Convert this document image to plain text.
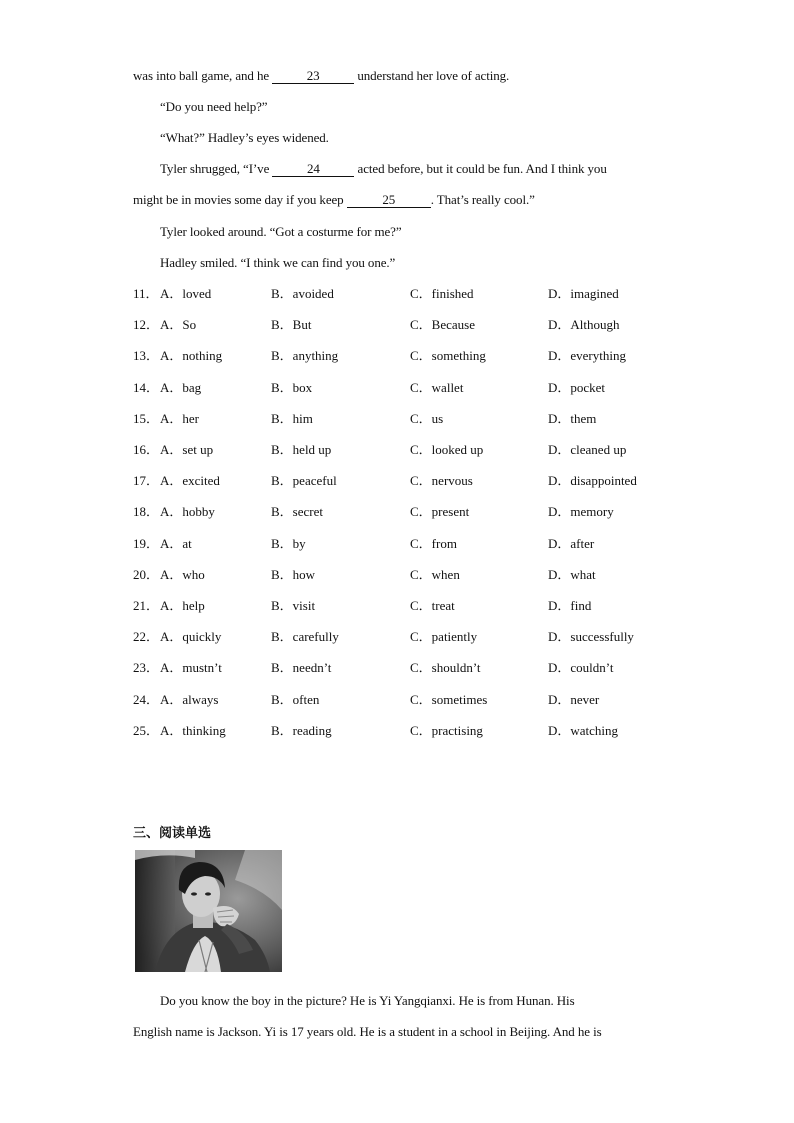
was into ball game, and he	23	understand her love of acting.
“Do you need help?”
“What?” Hadley’s eyes widened.
Tyler shrugged, “I’ve	24	acted before, but it could be fun. And I think you
might be in movies some day if you keep	25	. That’s really cool.”
Tyler looked around. “Got a costurme for me?”
Hadley smiled. “I think we can find you one.”
11． A．loved	B．avoided	C．finished	D．imagined
12． A．So	B．But	C．Because	D．Although
13． A．nothing	B．anything	C．something	D．everything
14． A．bag	B．box	C．wallet	D．pocket
15． A．her	B．him	C．us	D．them
16． A．set up	B．held up	C．looked up	D．cleaned up
17． A．excited	B．peaceful	C．nervous	D．disappointed
18． A．hobby	B．secret	C．present	D．memory
19． A．at	B．by	C．from	D．after
20． A．who	B．how	C．when	D．what
21． A．help	B．visit	C．treat	D．find
22． A．quickly	B．carefully	C．patiently	D．successfully
23． A．mustn’t	B．needn’t	C．shouldn’t	D．couldn’t
24． A．always	B．often	C．sometimes	D．never
25． A．thinking	B．reading	C．practising	D．watching
三、阅读单选
Do you know the boy in the picture? He is Yi Yangqianxi. He is from Hunan. His
English name is Jackson. Yi is 17 years old. He is a student in a school in Beijing. And he is
